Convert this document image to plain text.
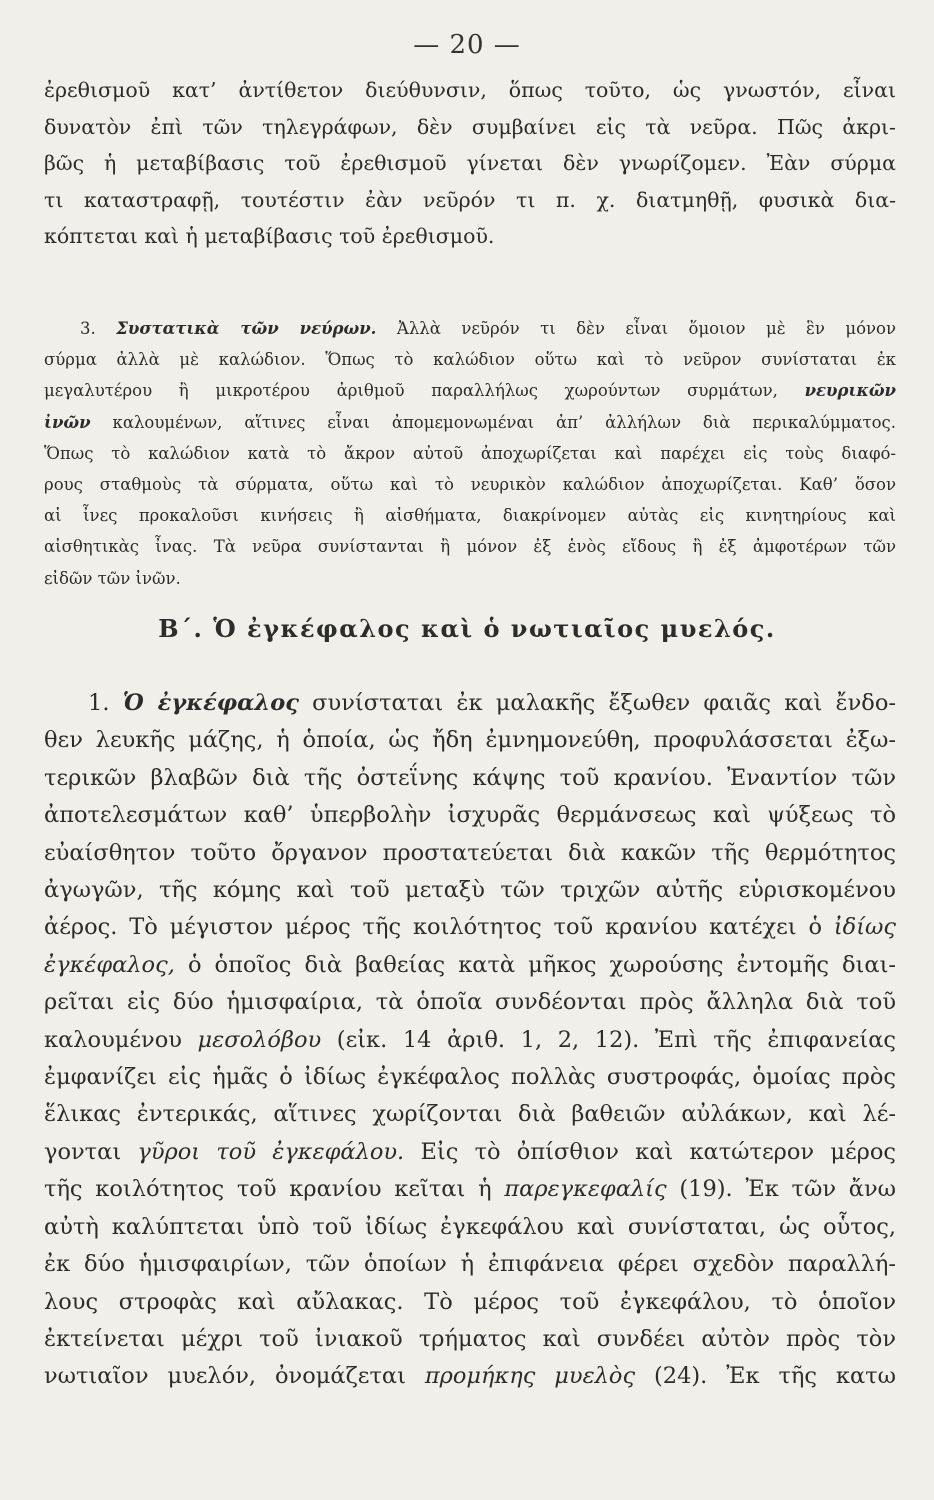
— 20 —
ἐρεθισμοῦ κατ’ ἀντίθετον διεύθυνσιν, ὅπως τοῦτο, ὡς γνωστόν, εἶναι
δυνατὸν ἐπὶ τῶν τηλεγράφων, δὲν συμβαίνει εἰς τὰ νεῦρα. Πῶς ἀκρι-
βῶς ἡ μεταβίβασις τοῦ ἐρεθισμοῦ γίνεται δὲν γνωρίζομεν. Ἐὰν σύρμα
τι καταστραφῇ, τουτέστιν ἐὰν νεῦρόν τι π. χ. διατμηθῇ, φυσικὰ δια-
κόπτεται καὶ ἡ μεταβίβασις τοῦ ἐρεθισμοῦ.
3. Συστατικὰ τῶν νεύρων. Ἀλλὰ νεῦρόν τι δὲν εἶναι ὅμοιον μὲ ἓν μόνον
σύρμα ἀλλὰ μὲ καλώδιον. Ὅπως τὸ καλώδιον οὕτω καὶ τὸ νεῦρον συνίσταται ἐκ
μεγαλυτέρου ἢ μικροτέρου ἀριθμοῦ παραλλήλως χωρούντων συρμάτων, νευρικῶν
ἰνῶν καλουμένων, αἵτινες εἶναι ἀπομεμονωμέναι ἀπ’ ἀλλήλων διὰ περικαλύμματος.
Ὅπως τὸ καλώδιον κατὰ τὸ ἄκρον αὐτοῦ ἀποχωρίζεται καὶ παρέχει εἰς τοὺς διαφό-
ρους σταθμοὺς τὰ σύρματα, οὕτω καὶ τὸ νευρικὸν καλώδιον ἀποχωρίζεται. Καθ’ ὅσον
αἱ ἶνες προκαλοῦσι κινήσεις ἢ αἰσθήματα, διακρίνομεν αὐτὰς εἰς κινητηρίους καὶ
αἰσθητικὰς ἶνας. Τὰ νεῦρα συνίστανται ἢ μόνον ἐξ ἑνὸς εἴδους ἢ ἐξ ἀμφοτέρων τῶν
εἰδῶν τῶν ἰνῶν.
Β΄. Ὁ ἐγκέφαλος καὶ ὁ νωτιαῖος μυελός.
1. Ὁ ἐγκέφαλος συνίσταται ἐκ μαλακῆς ἔξωθεν φαιᾶς καὶ ἔνδο-
θεν λευκῆς μάζης, ἡ ὁποία, ὡς ἤδη ἐμνημονεύθη, προφυλάσσεται ἐξω-
τερικῶν βλαβῶν διὰ τῆς ὀστεΐνης κάψης τοῦ κρανίου. Ἐναντίον τῶν
ἀποτελεσμάτων καθ’ ὑπερβολὴν ἰσχυρᾶς θερμάνσεως καὶ ψύξεως τὸ
εὐαίσθητον τοῦτο ὄργανον προστατεύεται διὰ κακῶν τῆς θερμότητος
ἀγωγῶν, τῆς κόμης καὶ τοῦ μεταξὺ τῶν τριχῶν αὐτῆς εὑρισκομένου
ἀέρος. Τὸ μέγιστον μέρος τῆς κοιλότητος τοῦ κρανίου κατέχει ὁ ἰδίως
ἐγκέφαλος, ὁ ὁποῖος διὰ βαθείας κατὰ μῆκος χωρούσης ἐντομῆς διαι-
ρεῖται εἰς δύο ἡμισφαίρια, τὰ ὁποῖα συνδέονται πρὸς ἄλληλα διὰ τοῦ
καλουμένου μεσολόβου (εἰκ. 14 ἀριθ. 1, 2, 12). Ἐπὶ τῆς ἐπιφανείας
ἐμφανίζει εἰς ἡμᾶς ὁ ἰδίως ἐγκέφαλος πολλὰς συστροφάς, ὁμοίας πρὸς
ἕλικας ἐντερικάς, αἵτινες χωρίζονται διὰ βαθειῶν αὐλάκων, καὶ λέ-
γονται γῦροι τοῦ ἐγκεφάλου. Εἰς τὸ ὀπίσθιον καὶ κατώτερον μέρος
τῆς κοιλότητος τοῦ κρανίου κεῖται ἡ παρεγκεφαλίς (19). Ἐκ τῶν ἄνω
αὐτὴ καλύπτεται ὑπὸ τοῦ ἰδίως ἐγκεφάλου καὶ συνίσταται, ὡς οὗτος,
ἐκ δύο ἡμισφαιρίων, τῶν ὁποίων ἡ ἐπιφάνεια φέρει σχεδὸν παραλλή-
λους στροφὰς καὶ αὔλακας. Τὸ μέρος τοῦ ἐγκεφάλου, τὸ ὁποῖον
ἐκτείνεται μέχρι τοῦ ἰνιακοῦ τρήματος καὶ συνδέει αὐτὸν πρὸς τὸν
νωτιαῖον μυελόν, ὀνομάζεται προμήκης μυελὸς (24). Ἐκ τῆς κατω
